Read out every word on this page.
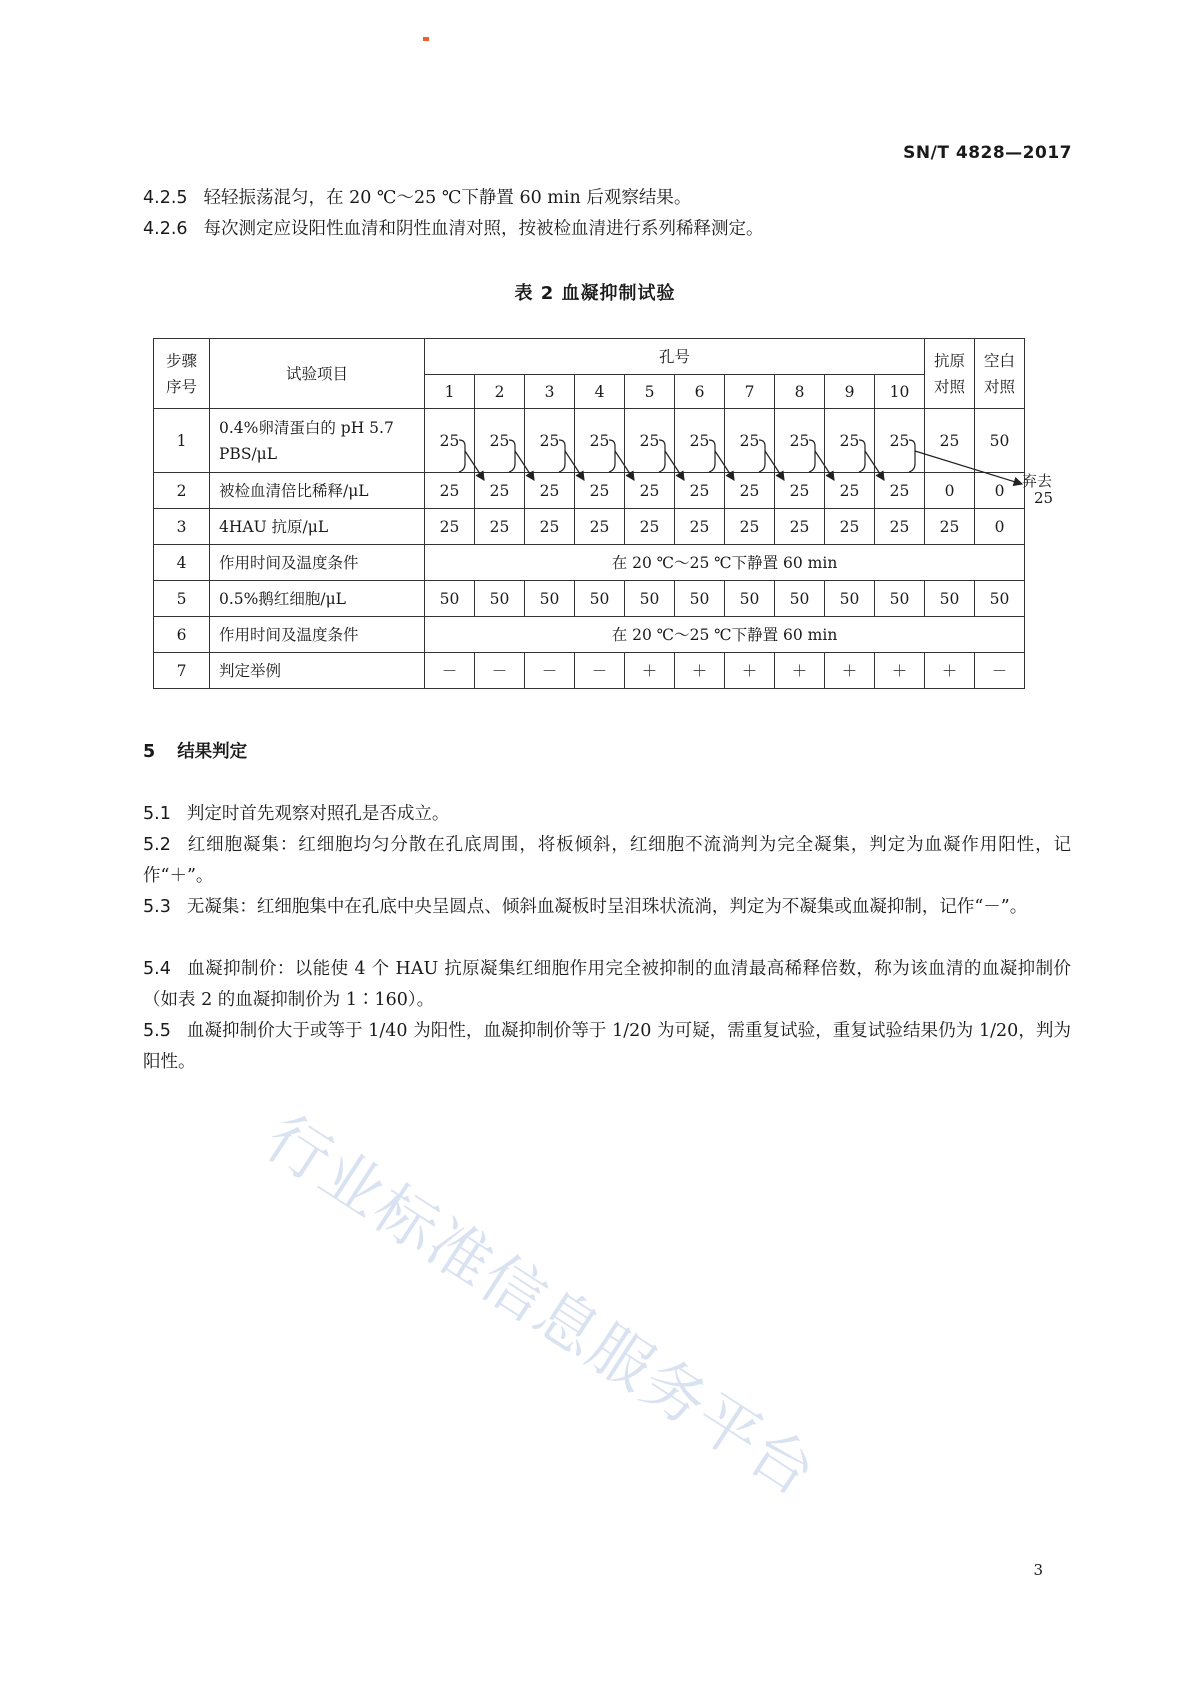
SN/T 4828—2017
4.2.5 轻轻振荡混匀，在 20 ℃～25 ℃下静置 60 min 后观察结果。
4.2.6 每次测定应设阳性血清和阴性血清对照，按被检血清进行系列稀释测定。
表 2 血凝抑制试验
步骤序号	试验项目	孔号										抗原对照	空白对照
		1	2	3	4	5	6	7	8	9	10		
1	0.4%卵清蛋白的 pH 5.7 PBS/μL	25	25	25	25	25	25	25	25	25	25	25	50
2	被检血清倍比稀释/μL	25	25	25	25	25	25	25	25	25	25	0	0
3	4HAU 抗原/μL	25	25	25	25	25	25	25	25	25	25	25	0
4	作用时间及温度条件	在 20 ℃～25 ℃下静置 60 min											
5	0.5%鹅红细胞/μL	50	50	50	50	50	50	50	50	50	50	50	50
6	作用时间及温度条件	在 20 ℃～25 ℃下静置 60 min											
7	判定举例	－	－	－	－	＋	＋	＋	＋	＋	＋	＋	－
弃去
25
5 结果判定
5.1 判定时首先观察对照孔是否成立。
5.2 红细胞凝集：红细胞均匀分散在孔底周围，将板倾斜，红细胞不流淌判为完全凝集，判定为血凝作用阳性，记作“＋”。
5.3 无凝集：红细胞集中在孔底中央呈圆点、倾斜血凝板时呈泪珠状流淌，判定为不凝集或血凝抑制，记作“－”。
5.4 血凝抑制价：以能使 4 个 HAU 抗原凝集红细胞作用完全被抑制的血清最高稀释倍数，称为该血清的血凝抑制价（如表 2 的血凝抑制价为 1∶160）。
5.5 血凝抑制价大于或等于 1/40 为阳性，血凝抑制价等于 1/20 为可疑，需重复试验，重复试验结果仍为 1/20，判为阳性。
行业标准信息服务平台
3
